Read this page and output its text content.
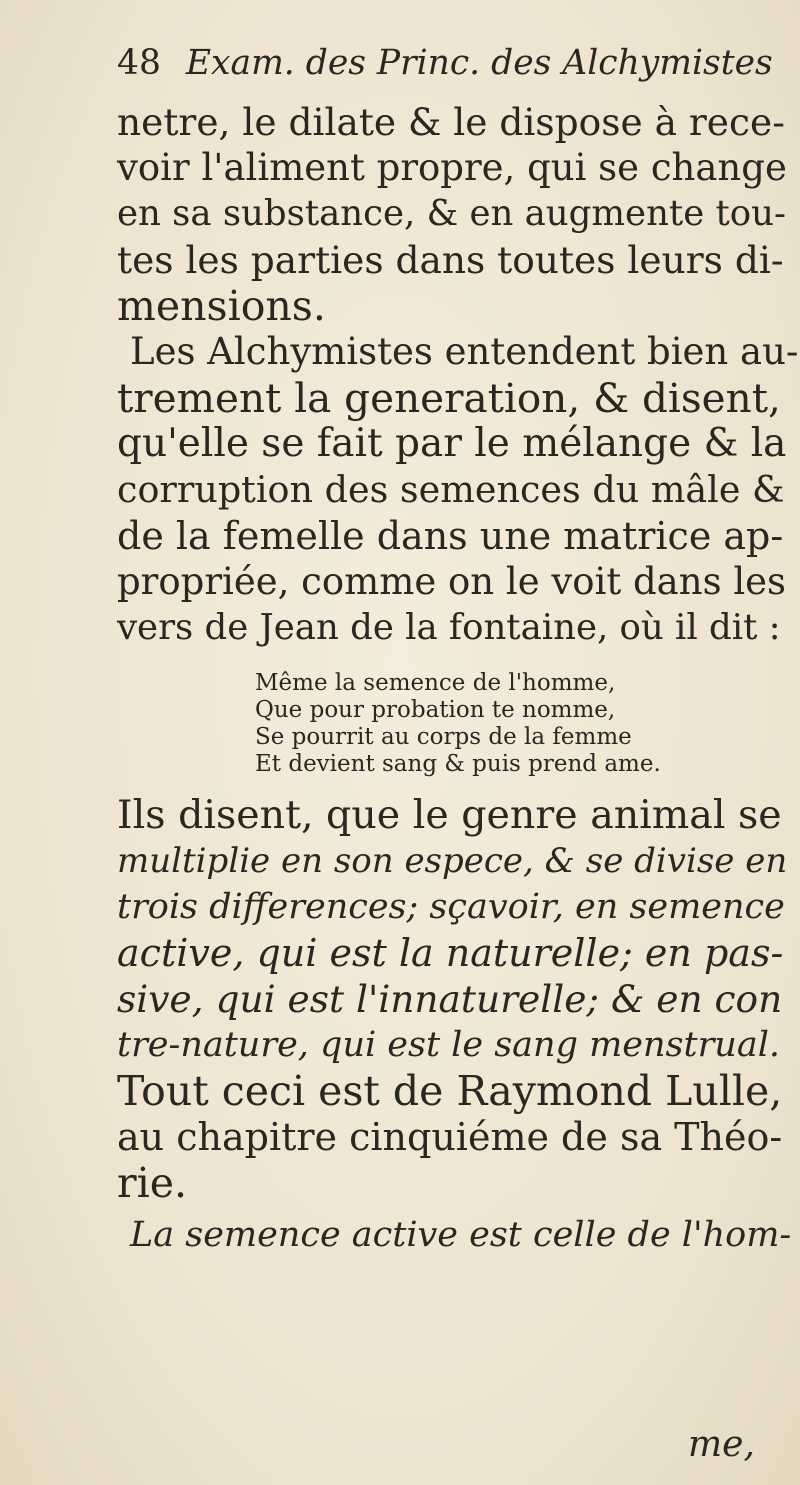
48 Exam. des Princ. des Alchymistes
netre, le dilate & le dispose à rece-
voir l'aliment propre, qui se change
en sa substance, & en augmente tou-
tes les parties dans toutes leurs di-
mensions.
Les Alchymistes entendent bien au-
trement la generation, & disent,
qu'elle se fait par le mélange & la
corruption des semences du mâle &
de la femelle dans une matrice ap-
propriée, comme on le voit dans les
vers de Jean de la fontaine, où il dit :
Même la semence de l'homme,
Que pour probation te nomme,
Se pourrit au corps de la femme
Et devient sang & puis prend ame.
Ils disent, que le genre animal se
multiplie en son espece, & se divise en
trois differences; sçavoir, en semence
active, qui est la naturelle; en pas-
sive, qui est l'innaturelle; & en con
tre-nature, qui est le sang menstrual.
Tout ceci est de Raymond Lulle,
au chapitre cinquiéme de sa Théo-
rie.
La semence active est celle de l'hom-
me,
